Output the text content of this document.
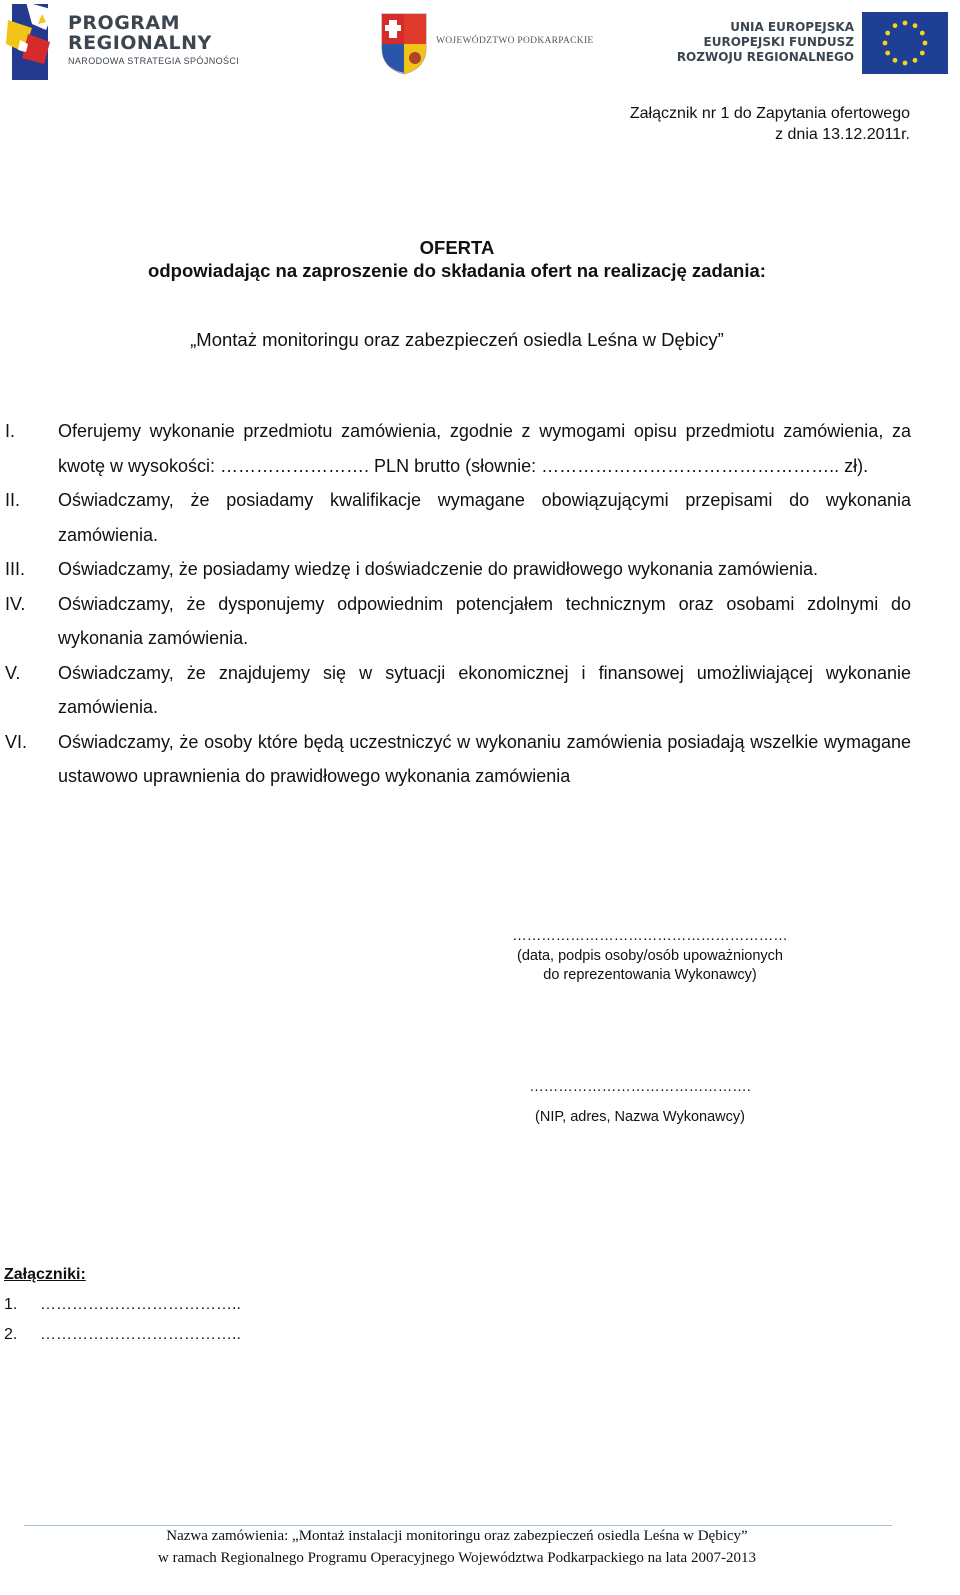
PROGRAM
REGIONALNY
NARODOWA STRATEGIA SPÓJNOŚCI
WOJEWÓDZTWO PODKARPACKIE
UNIA EUROPEJSKA
EUROPEJSKI FUNDUSZ
ROZWOJU REGIONALNEGO
Załącznik nr 1 do Zapytania ofertowego
z dnia 13.12.2011r.
OFERTA
odpowiadając na zaproszenie do składania ofert na realizację zadania:
„Montaż monitoringu oraz zabezpieczeń osiedla Leśna w Dębicy”
I. Oferujemy wykonanie przedmiotu zamówienia, zgodnie z wymogami opisu przedmiotu zamówienia, za kwotę w wysokości: ……………………. PLN brutto (słownie: ………………………………………….. zł).
II. Oświadczamy, że posiadamy kwalifikacje wymagane obowiązującymi przepisami do wykonania zamówienia.
III. Oświadczamy, że posiadamy wiedzę i doświadczenie do prawidłowego wykonania zamówienia.
IV. Oświadczamy, że dysponujemy odpowiednim potencjałem technicznym oraz osobami zdolnymi do wykonania zamówienia.
V. Oświadczamy, że znajdujemy się w sytuacji ekonomicznej i finansowej umożliwiającej wykonanie zamówienia.
VI. Oświadczamy, że osoby które będą uczestniczyć w wykonaniu zamówienia posiadają wszelkie wymagane ustawowo uprawnienia do prawidłowego wykonania zamówienia
…………………………………………………
(data, podpis osoby/osób upoważnionych
do reprezentowania Wykonawcy)
……………………………………….
(NIP, adres, Nazwa Wykonawcy)
Załączniki:
1. ………………………………..
2. ………………………………..
Nazwa zamówienia: „Montaż instalacji monitoringu oraz zabezpieczeń osiedla Leśna w Dębicy”
w ramach Regionalnego Programu Operacyjnego Województwa Podkarpackiego na lata 2007-2013
